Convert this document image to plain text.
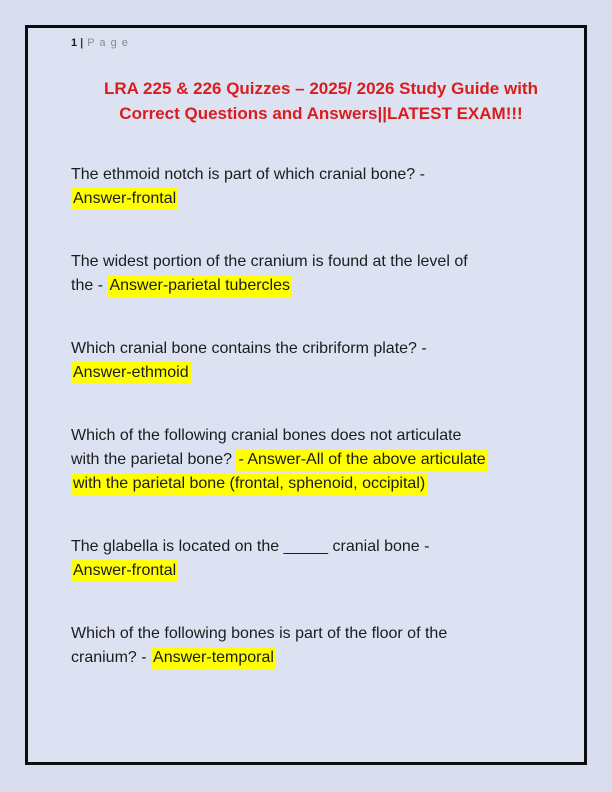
1 | P a g e
LRA 225 & 226 Quizzes – 2025/ 2026 Study Guide with
Correct Questions and Answers||LATEST EXAM!!!
The ethmoid notch is part of which cranial bone? -
Answer-frontal
The widest portion of the cranium is found at the level of
the - Answer-parietal tubercles
Which cranial bone contains the cribriform plate? -
Answer-ethmoid
Which of the following cranial bones does not articulate
with the parietal bone? - Answer-All of the above articulate
with the parietal bone (frontal, sphenoid, occipital)
The glabella is located on the _____ cranial bone -
Answer-frontal
Which of the following bones is part of the floor of the
cranium? - Answer-temporal
